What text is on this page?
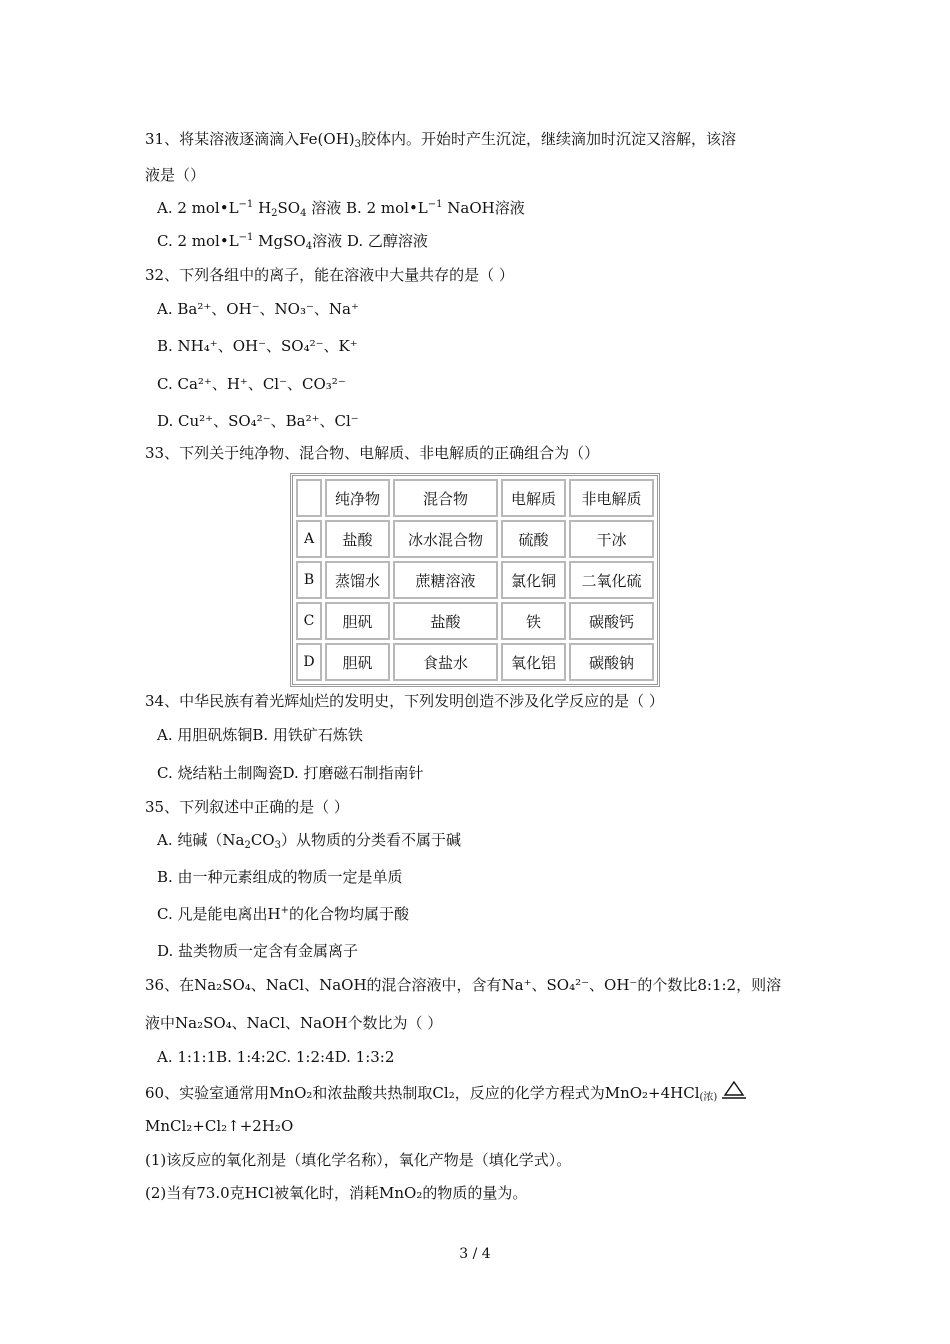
31、将某溶液逐滴滴入$Fe(OH)_3$胶体内。开始时产生沉淀，继续滴加时沉淀又溶解，该溶
液是（）
A. 2 $mol•L^{-1}$ $H_2SO_4$ 溶液 B. 2 $mol•L^{-1}$ NaOH溶液
C. 2 $mol•L^{-1}$ MgSO$_4$溶液 D. 乙醇溶液
32、下列各组中的离子，能在溶液中大量共存的是（ ）
A. Ba²⁺、OH⁻、NO₃⁻、Na⁺
B. NH₄⁺、OH⁻、SO₄²⁻、K⁺
C. Ca²⁺、H⁺、Cl⁻、CO₃²⁻
D. Cu²⁺、SO₄²⁻、Ba²⁺、Cl⁻
33、下列关于纯净物、混合物、电解质、非电解质的正确组合为（）
	纯净物	混合物	电解质	非电解质
A	盐酸	冰水混合物	硫酸	干冰
B	蒸馏水	蔗糖溶液	氯化铜	二氧化硫
C	胆矾	盐酸	铁	碳酸钙
D	胆矾	食盐水	氧化铝	碳酸钠
34、中华民族有着光辉灿烂的发明史，下列发明创造不涉及化学反应的是（ ）
A. 用胆矾炼铜B. 用铁矿石炼铁
C. 烧结粘土制陶瓷D. 打磨磁石制指南针
35、下列叙述中正确的是（ ）
A. 纯碱$(Na_2CO_3)$从物质的分类看不属于碱
B. 由一种元素组成的物质一定是单质
C. 凡是能电离出H+的化合物均属于酸
D. 盐类物质一定含有金属离子
36、在Na₂SO₄、NaCl、NaOH的混合溶液中，含有Na⁺、SO₄²⁻、OH⁻的个数比8:1:2，则溶
液中Na₂SO₄、NaCl、NaOH个数比为（ ）
A. 1:1:1B. 1:4:2C. 1:2:4D. 1:3:2
60、实验室通常用MnO₂和浓盐酸共热制取Cl₂，反应的化学方程式为MnO₂+4HCl(浓)
MnCl₂+Cl₂↑+2H₂O
(1)该反应的氧化剂是（填化学名称），氧化产物是（填化学式）。
(2)当有73.0克HCl被氧化时，消耗MnO₂的物质的量为。
3 / 4
